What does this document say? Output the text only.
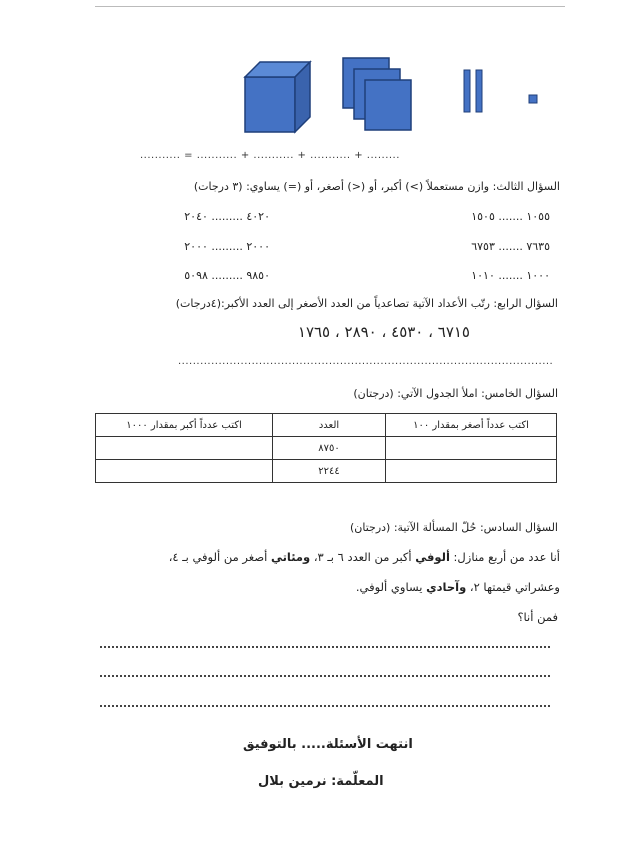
........... = ........... + ........... + ........... + .........
السؤال الثالث: وازن مستعملاً (>) أكبر، أو (<) أصغر، أو (=) يساوي: (٣ درجات)
١٠٥٥ ....... ١٥٠٥
٤٠٢٠ ......... ٢٠٤٠
٧٦٣٥ ....... ٦٧٥٣
٢٠٠٠ ......... ٢٠٠٠
١٠٠٠ ....... ١٠١٠
٩٨٥٠ ......... ٥٠٩٨
السؤال الرابع: رتّب الأعداد الآتية تصاعدياً من العدد الأصغر إلى العدد الأكبر:(٤درجات)
٦٧١٥ ، ٤٥٣٠ ، ٢٨٩٠ ، ١٧٦٥
......................................................................................................
السؤال الخامس: املأ الجدول الآتي: (درجتان)
اكتب عدداً أصغر بمقدار ١٠٠	العدد	اكتب عدداً أكبر بمقدار ١٠٠٠
	٨٧٥٠	
	٢٢٤٤	
السؤال السادس: حُلّ المسألة الآتية: (درجتان)
أنا عدد من أربع منازل: ألوفي أكبر من العدد ٦ بـ ٣، ومئاتي أصغر من ألوفي بـ ٤،
وعشراتي قيمتها ٢، وآحادي يساوي ألوفي.
فمن أنا؟
انتهت الأسئلة..... بالتوفيق
المعلّمة: نرمين بلال
